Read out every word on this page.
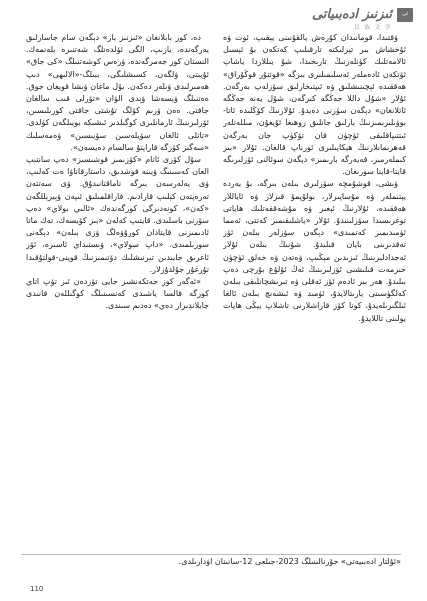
ئىزنىز ادەبىياتى
民 族 文 学
ئى

ۋقتىدا، قومانىدان كۇرەش يالقۇنىنى يېقىپ، ئوت ۋە ئۇخشاش بىر تېزلىكتە تارقىلىپ كەتكەن بۇ ئېسىل ئالامەتلىك كۈنلەرنىڭ تارىخىدا، شۇ يىللاردا ياشاپ ئۆتكەن ئادەملەر ئەسلىمىلىرى بىزگە «قوتتۇر قوڭۇراق» ھەققىدە ئېچىنىشلىق ۋە ئىپتىخارلىق سۆزلەپ بەرگەن. ئۇلار «شۇل داللا جەڭگە كىرگەن، شۇل يەنە جەڭگە ئاتلانغان» دېگەن سۆزنى دەيدۇ. ئۇلارنىڭ كۆڭلىدە ئاتا-بوۋىلىرىمىزنىڭ بارلىق جانلىق روھىغا ئۇيغۇن، مىللەتلەر ئىتتىپاقلىقى ئۈچۈن قان تۆكۈپ جان بەرگەن قەھرىمانلارنىڭ ھېكايىلىرى ئورناپ قالغان. ئۇلار «بىز كىملەرمىز، قەيەرگە بارىمىز» دېگەن سوئالنى ئۆزلىرىگە قايتا-قايتا سورىغان.

ۋىشى، قوشۇمچە سۆزلىرى بىلەن بىرگە، بۇ يەردە يېتىملەر ۋە مۇساپىرلار، بولۇپمۇ قىزلار ۋە ئاياللار ھەققىدە، ئۇلارنىڭ ئېغىر ۋە مۇشەققەتلىك ھاياتى توغرىسىدا سۆزلىنىدۇ. ئۇلار «ياشلىقىمىز كەتتى، ئەمما ئۈمىدىمىز كەتمىدى» دېگەن سۆزلەر بىلەن ئۆز تەقدىرىنى بايان قىلىدۇ. شۇنىڭ بىلەن ئۇلار ئەجدادلىرىنىڭ ئىزىدىن مېڭىپ، ۋەتەن ۋە خەلق ئۈچۈن خىزمەت قىلىشنى ئۆزلىرىنىڭ ئەڭ ئۇلۇغ بۇرچى دەپ بىلىدۇ. ھەر بىر ئادەم ئۆز ئەقلى ۋە تىرىشچانلىقى بىلەن كەلگۈسىنى يارىتالايدۇ، ئۈمىد ۋە ئىشەنچ بىلەن ئالغا ئىلگىرىلەيدۇ، كونا كۆز قاراشلارنى تاشلاپ يېڭى ھايات يولىنى تاللايدۇ.

دە، كوز بابلانغان «ئىزنىز بار» دېگەن سام جاسارلىق يەرگەندە، يازىپ، الگى ئۆلدەنلگ شەتنىرە بلەنمەك. النستان كوز جەمرگەندە، ۋرەس كوشەتنىلگ «كى جاق» ئۇيىتى، ۋلگەن، كسىشلىگى، ببىلگ-«الالىھى» دىپ ھەمىرلىدى ۋىلەر دەكەن. بۇل ماغان ۋىشا قويغان جوق. ەەتنىلگ ۋيسەشا ۋېدى الۋان «تۆرلى قىب سالغان جاقتى. ەەن ۋزىم كۆلگ تۇشتى جاقتى كورىلىسىن، ئۆزلىرىنىڭ ئارمانلىرى كوگىلدىر ئىشىكە بويىلگەن كۈلدى. «تاتلى ئالغان سۆيلەسىن سۆيىسىن» ۋەمەسلىك «سەگىز كۆزگە قاراپتۇ سالسام دەيسەن».

سۇل كۆزى ئاتام «كۆزىمىز قوشىسىز» دەپ سانتىپ العان كەسىنىگ ۋيىنە قوشدىق، داستارقاناۋا ەت كەلىپ، ۋى يەلەرسەن بىرگە تاماقتانىدۇق. ۋى سەتتەن تەرەپتەن كېلىپ قارادىم. قاراقلمىلىق ئىپەن ۋېبرېللگەن «كەن»، كونەدىرگى كورگەندەك «ئالىي بولاي» دەپ سۆزنى باسلىدى. قايتىپ كەلەن «بىز كۆيسەك، تەك ماتا ئادىمىزنى قايتادان كورۇۋەلگ ۋزى بىلەن» دېگەنى سوزىلمىدى. «داپ سولاي»، ۋىستىداي ئاسىرە، ئۆز ئاغرىق جايىدىن تىرنىشلىك دۆتىمىزنىڭ قوينى-قولتۇقىدا تۇرغۇز جۇلدۇزلار.

«ئەگەر كوز جەتكەنشىز جايى تۆزدەن ئىز تۆپ اتاي كوزگە قالسا ياشىدى كەنسىنىلگ كوگىللەن قانىدى جايلاندىرار دەي» دەدىم سىندى.

«ئۇلتار ادەبىيەتى» جۇرنالىنىلگ 2023-جىلعى 12-سانىنان اۋدارىلدى.
110
